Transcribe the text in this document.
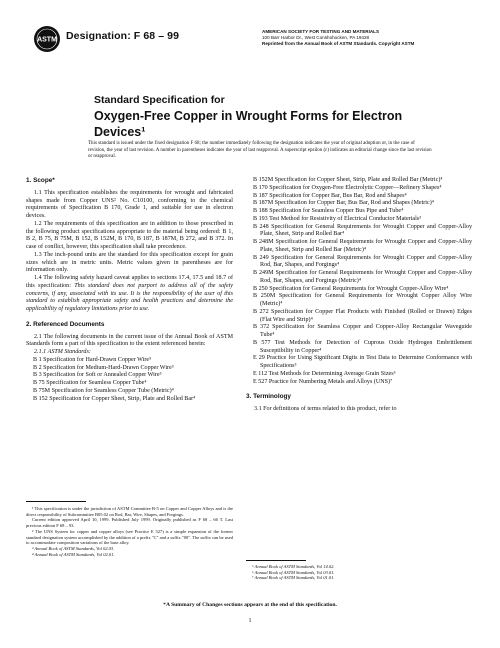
ASTM Designation: F 68 – 99	AMERICAN SOCIETY FOR TESTING AND MATERIALS
100 Barr Harbor Dr., West Conshohocken, PA 19428
Reprinted from the Annual Book of ASTM Standards. Copyright ASTM
Standard Specification for
Oxygen-Free Copper in Wrought Forms for Electron
Devices¹
This standard is issued under the fixed designation F 68; the number immediately following the designation indicates the year of original adoption or, in the case of revision, the year of last revision. A number in parentheses indicates the year of last reapproval. A superscript epsilon (ε) indicates an editorial change since the last revision or reapproval.
1. Scope*

1.1 This specification establishes the requirements for wrought and fabricated shapes made from Copper UNS² No. C10100, conforming to the chemical requirements of Specification B 170, Grade 1, and suitable for use in electron devices.

1.2 The requirements of this specification are in addition to those prescribed in the following product specifications appropriate to the material being ordered: B 1, B 2, B 75, B 75M, B 152, B 152M, B 170, B 187, B 187M, B 272, and B 372. In case of conflict, however, this specification shall take precedence.

1.3 The inch-pound units are the standard for this specification except for grain sizes which are in metric units. Metric values given in parentheses are for information only.

1.4 The following safety hazard caveat applies to sections 17.4, 17.5 and 18.7 of this specification: This standard does not purport to address all of the safety concerns, if any, associated with its use. It is the responsibility of the user of this standard to establish appropriate safety and health practices and determine the applicability of regulatory limitations prior to use.

2. Referenced Documents

2.1 The following documents in the current issue of the Annual Book of ASTM Standards form a part of this specification to the extent referenced herein:

2.1.1 ASTM Standards:

B 1 Specification for Hard-Drawn Copper Wire³

B 2 Specification for Medium-Hard-Drawn Copper Wire³

B 3 Specification for Soft or Annealed Copper Wire³

B 75 Specification for Seamless Copper Tube⁴

B 75M Specification for Seamless Copper Tube (Metric)⁴

B 152 Specification for Copper Sheet, Strip, Plate and Rolled Bar⁴

B 152M Specification for Copper Sheet, Strip, Plate and Rolled Bar (Metric)⁴

B 170 Specification for Oxygen-Free Electrolytic Copper—Refinery Shapes⁴

B 187 Specification for Copper Bar, Bus Bar, Rod and Shapes⁴

B 187M Specification for Copper Bar, Bus Bar, Rod and Shapes (Metric)⁴

B 188 Specification for Seamless Copper Bus Pipe and Tube⁴

B 193 Test Method for Resistivity of Electrical Conductor Materials³

B 248 Specification for General Requirements for Wrought Copper and Copper-Alloy Plate, Sheet, Strip and Rolled Bar⁴

B 248M Specification for General Requirements for Wrought Copper and Copper-Alloy Plate, Sheet, Strip and Rolled Bar (Metric)⁴

B 249 Specification for General Requirements for Wrought Copper and Copper-Alloy Rod, Bar, Shapes, and Forgings⁴

B 249M Specification for General Requirements for Wrought Copper and Copper-Alloy Rod, Bar, Shapes, and Forgings (Metric)⁴

B 250 Specification for General Requirements for Wrought Copper-Alloy Wire⁴

B 250M Specification for General Requirements for Wrought Copper Alloy Wire (Metric)⁴

B 272 Specification for Copper Flat Products with Finished (Rolled or Drawn) Edges (Flat Wire and Strip)⁴

B 372 Specification for Seamless Copper and Copper-Alloy Rectangular Waveguide Tube⁴

B 577 Test Methods for Detection of Cuprous Oxide Hydrogen Embrittlement Susceptibility in Copper⁴

E 29 Practice for Using Significant Digits in Test Data to Determine Conformance with Specifications⁵

E 112 Test Methods for Determining Average Grain Sizes⁶

E 527 Practice for Numbering Metals and Alloys (UNS)⁷

3. Terminology

3.1 For definitions of terms related to this product, refer to

¹ This specification is under the jurisdiction of ASTM Committee B-5 on Copper and Copper Alloys and is the direct responsibility of Subcommittee B05.02 on Rod, Bar, Wire, Shapes, and Forgings.

Current edition approved April 10, 1999. Published July 1999. Originally published as F 68 – 66 T. Last previous edition F 68 – 93.

² The UNS System for copper and copper alloys (see Practice E 527) is a simple expansion of the former standard designation system accomplished by the addition of a prefix "C" and a suffix "00". The suffix can be used to accommodate composition variations of the base alloy.

³ Annual Book of ASTM Standards, Vol 02.03.

⁴ Annual Book of ASTM Standards, Vol 02.01.

⁵ Annual Book of ASTM Standards, Vol 14.02.

⁶ Annual Book of ASTM Standards, Vol 03.01.

⁷ Annual Book of ASTM Standards, Vol 01.01.

*A Summary of Changes sections appears at the end of this specification.
1
